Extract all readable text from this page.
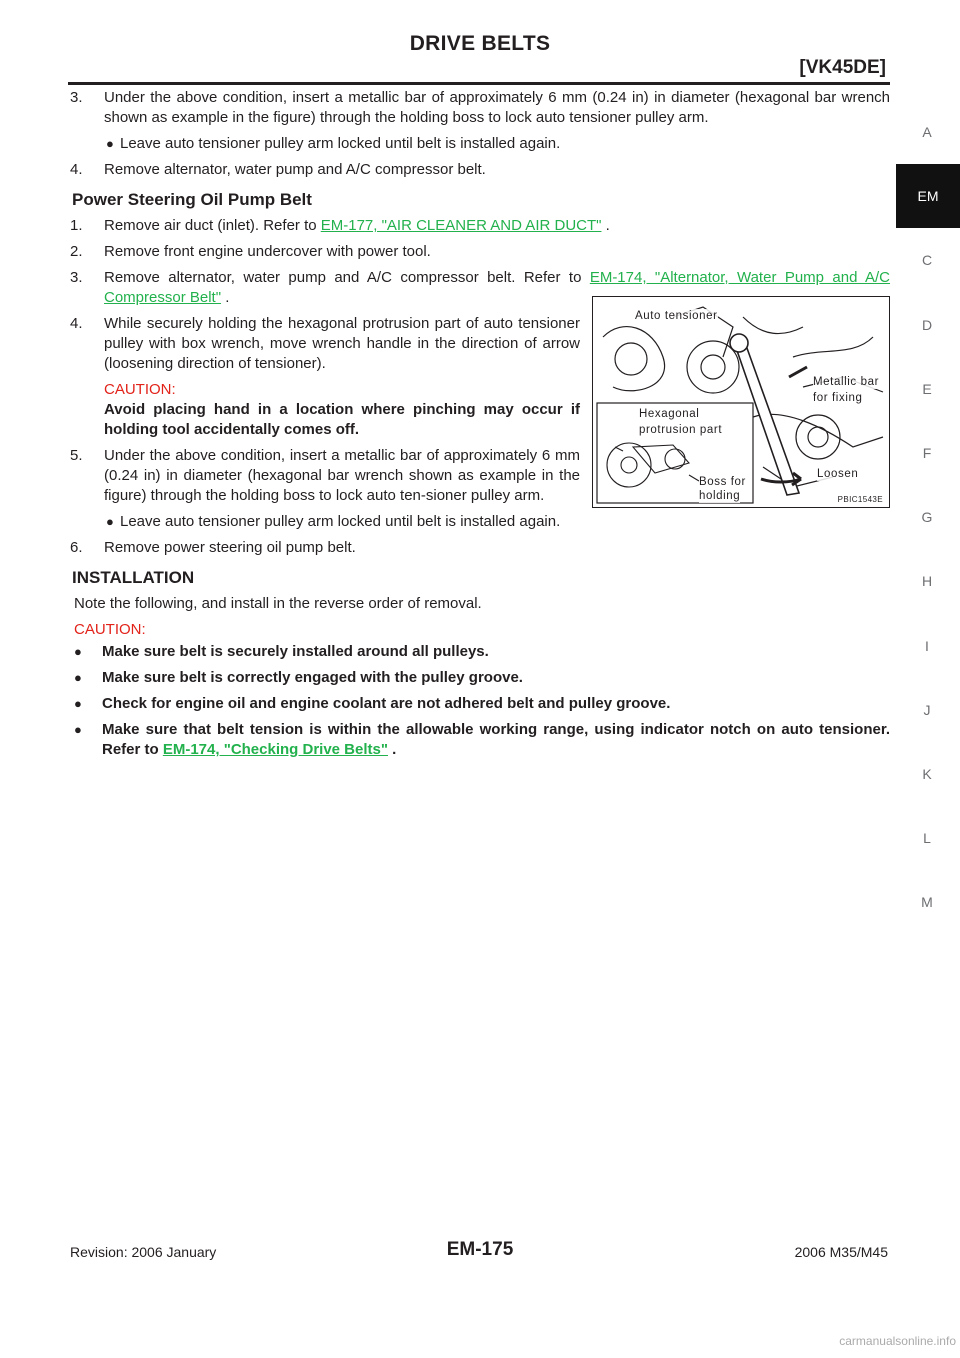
DRIVE BELTS
[VK45DE]
A
EM
C
D
E
F
G
H
I
J
K
L
M
3. Under the above condition, insert a metallic bar of approximately 6 mm (0.24 in) in diameter (hexagonal bar wrench shown as example in the figure) through the holding boss to lock auto tensioner pulley arm.
● Leave auto tensioner pulley arm locked until belt is installed again.
4. Remove alternator, water pump and A/C compressor belt.
Power Steering Oil Pump Belt
1. Remove air duct (inlet). Refer to EM-177, "AIR CLEANER AND AIR DUCT" .
2. Remove front engine undercover with power tool.
3. Remove alternator, water pump and A/C compressor belt. Refer to EM-174, "Alternator, Water Pump and A/C Compressor Belt" .
4. While securely holding the hexagonal protrusion part of auto tensioner pulley with box wrench, move wrench handle in the direction of arrow (loosening direction of tensioner).
CAUTION:
Avoid placing hand in a location where pinching may occur if holding tool accidentally comes off.
5. Under the above condition, insert a metallic bar of approximately 6 mm (0.24 in) in diameter (hexagonal bar wrench shown as example in the figure) through the holding boss to lock auto ten-sioner pulley arm.
● Leave auto tensioner pulley arm locked until belt is installed again.
6. Remove power steering oil pump belt.
INSTALLATION
Note the following, and install in the reverse order of removal.
CAUTION:
● Make sure belt is securely installed around all pulleys.
● Make sure belt is correctly engaged with the pulley groove.
● Check for engine oil and engine coolant are not adhered belt and pulley groove.
● Make sure that belt tension is within the allowable working range, using indicator notch on auto tensioner. Refer to EM-174, "Checking Drive Belts" .
Auto tensioner
Metallic bar
for fixing
Hexagonal
protrusion part
Boss for
holding
Loosen
PBIC1543E
Revision: 2006 January	EM-175	2006 M35/M45
carmanualsonline.info
